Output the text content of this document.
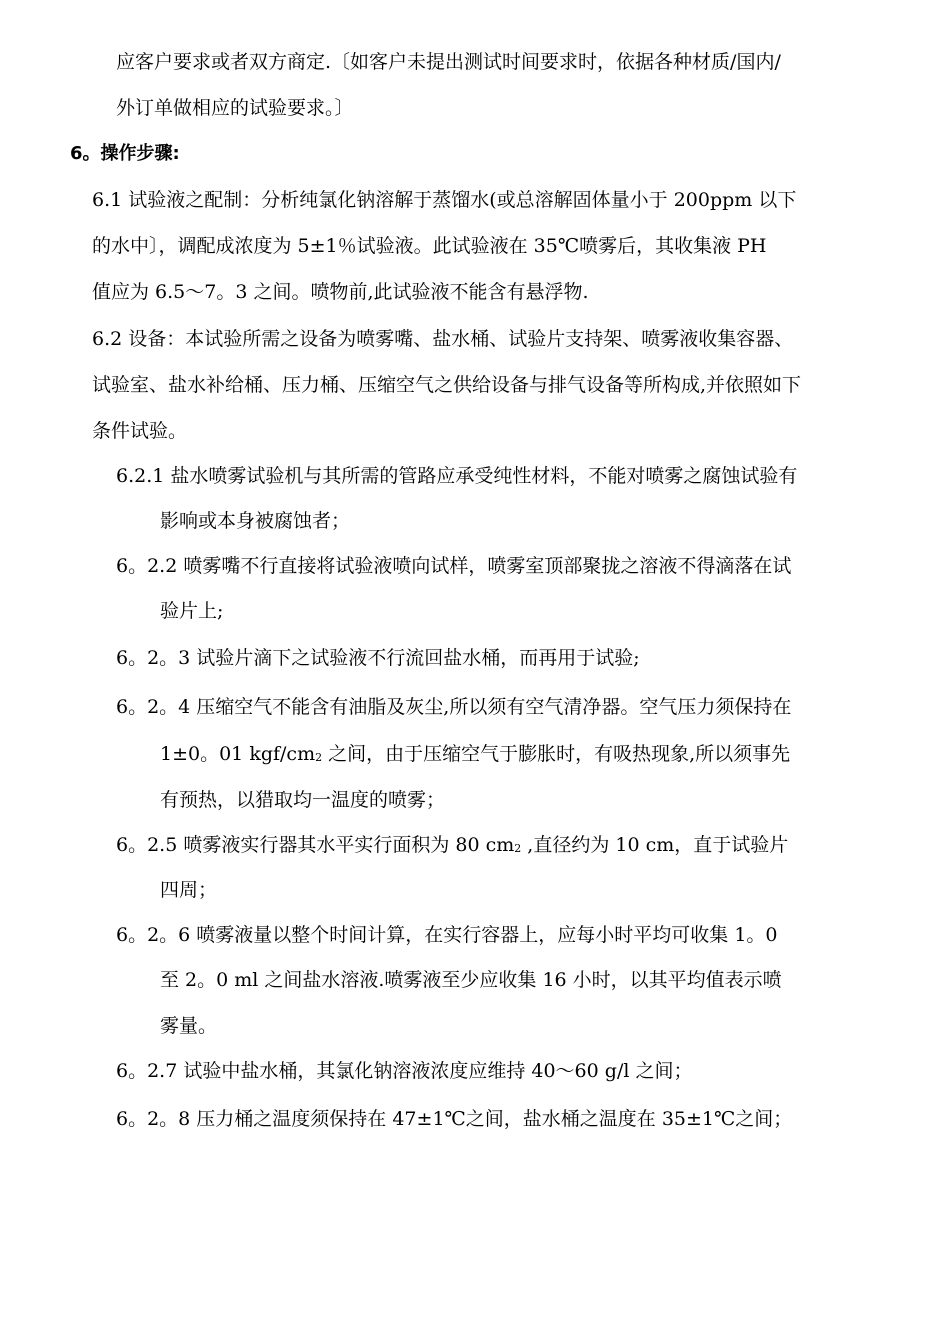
应客户要求或者双方商定.〔如客户未提出测试时间要求时，依据各种材质/国内/
外订单做相应的试验要求。〕
6。操作步骤:
6.1 试验液之配制：分析纯氯化钠溶解于蒸馏水(或总溶解固体量小于 200ppm 以下
的水中〕，调配成浓度为 5±1％试验液。此试验液在 35℃喷雾后，其收集液 PH
值应为 6.5～7。3 之间。喷物前,此试验液不能含有悬浮物.
6.2 设备：本试验所需之设备为喷雾嘴、盐水桶、试验片支持架、喷雾液收集容器、
试验室、盐水补给桶、压力桶、压缩空气之供给设备与排气设备等所构成,并依照如下
条件试验。
6.2.1 盐水喷雾试验机与其所需的管路应承受纯性材料，不能对喷雾之腐蚀试验有
影响或本身被腐蚀者；
6。2.2 喷雾嘴不行直接将试验液喷向试样，喷雾室顶部聚拢之溶液不得滴落在试
验片上;
6。2。3 试验片滴下之试验液不行流回盐水桶，而再用于试验;
6。2。4 压缩空气不能含有油脂及灰尘,所以须有空气清净器。空气压力须保持在
1±0。01 kgf/cm2 之间，由于压缩空气于膨胀时，有吸热现象,所以须事先
有预热，以猎取均一温度的喷雾；
6。2.5 喷雾液实行器其水平实行面积为 80 cm2 ,直径约为 10 cm，直于试验片
四周；
6。2。6 喷雾液量以整个时间计算，在实行容器上，应每小时平均可收集 1。0
至 2。0 ml 之间盐水溶液.喷雾液至少应收集 16 小时，以其平均值表示喷
雾量。
6。2.7 试验中盐水桶，其氯化钠溶液浓度应维持 40～60 g/l 之间；
6。2。8 压力桶之温度须保持在 47±1℃之间，盐水桶之温度在 35±1℃之间；
